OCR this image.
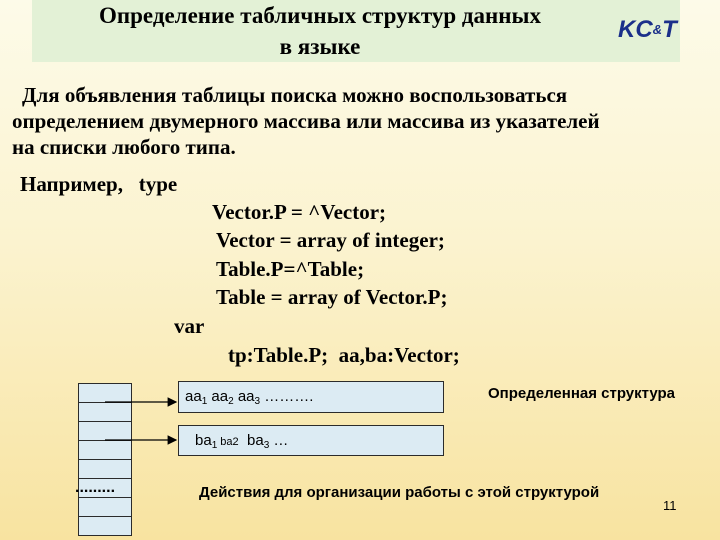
Определение табличных структур данных
в языке
KC&T
Для объявления таблицы поиска можно воспользоваться
определением двумерного массива или массива из указателей
на списки любого типа.
Например,   type
Vector.P = ^Vector;
Vector = array of integer;
Table.P=^Table;
Table = array of Vector.P;
var
tp:Table.P;  aa,ba:Vector;
$aa_1$ $aa_2$ $aa_3$ ……….
$ba_1$ ba2  $ba_3$ …
.........
Определенная структура
Действия для организации работы с этой структурой
11
